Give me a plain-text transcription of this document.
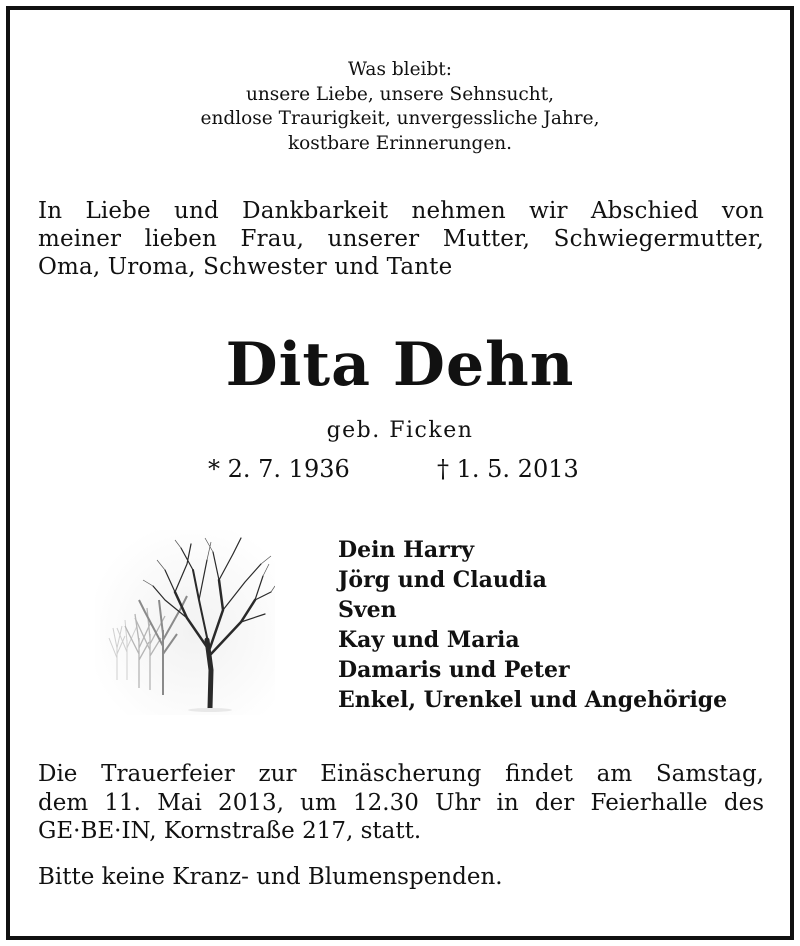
Was bleibt:
unsere Liebe, unsere Sehnsucht,
endlose Traurigkeit, unvergessliche Jahre,
kostbare Erinnerungen.
In Liebe und Dankbarkeit nehmen wir Abschied von
meiner lieben Frau, unserer Mutter, Schwiegermutter,
Oma, Uroma, Schwester und Tante
Dita Dehn
geb. Ficken
* 2. 7. 1936	† 1. 5. 2013
Dein Harry
Jörg und Claudia
Sven
Kay und Maria
Damaris und Peter
Enkel, Urenkel und Angehörige
Die Trauerfeier zur Einäscherung findet am Samstag,
dem 11. Mai 2013, um 12.30 Uhr in der Feierhalle des
GE·BE·IN, Kornstraße 217, statt.
Bitte keine Kranz- und Blumenspenden.
